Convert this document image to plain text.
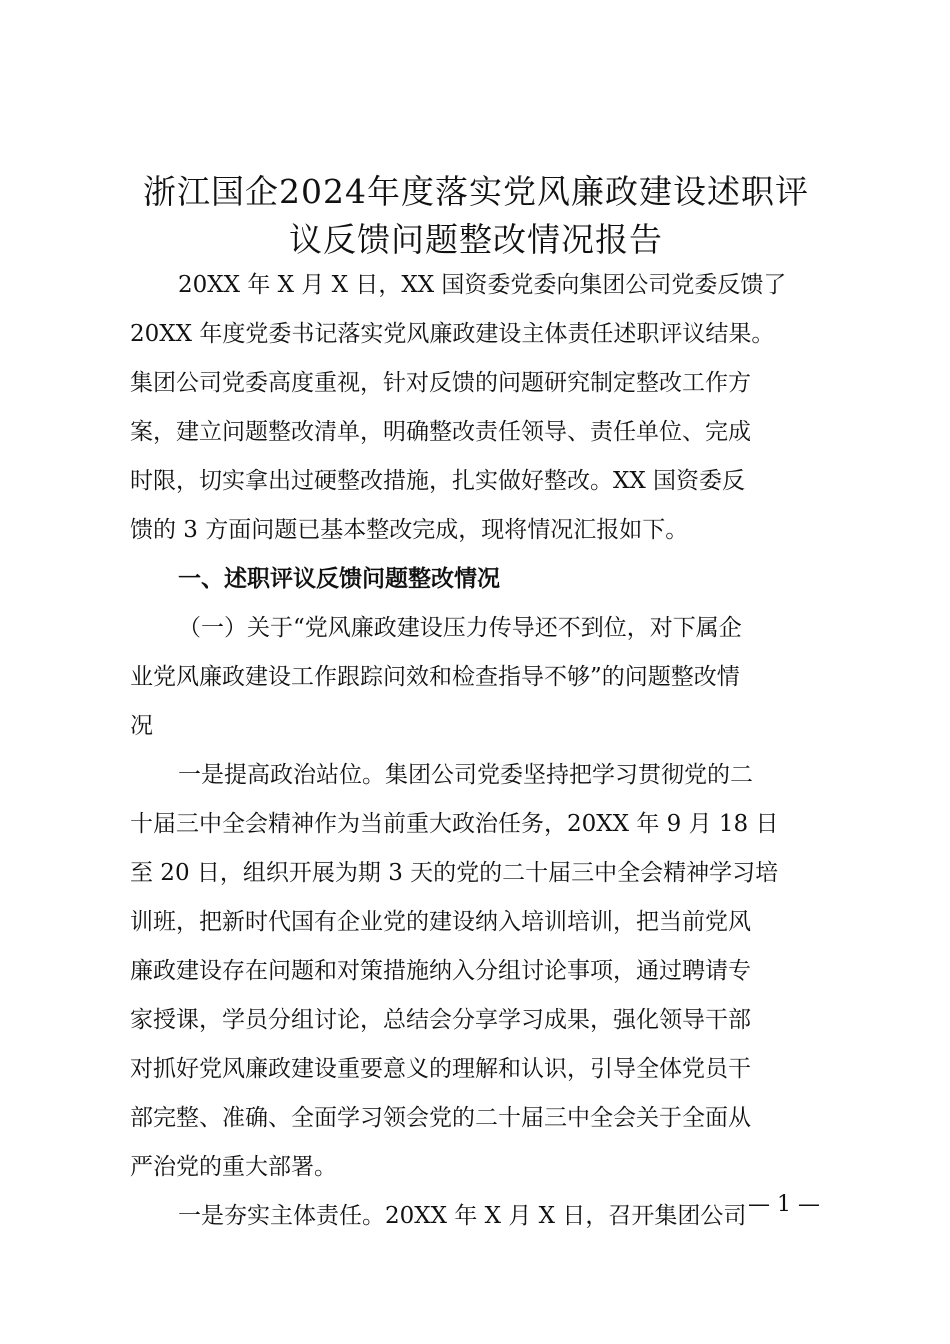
浙江国企2024年度落实党风廉政建设述职评
议反馈问题整改情况报告

20XX 年 X 月 X 日，XX 国资委党委向集团公司党委反馈了

20XX 年度党委书记落实党风廉政建设主体责任述职评议结果。

集团公司党委高度重视，针对反馈的问题研究制定整改工作方

案，建立问题整改清单，明确整改责任领导、责任单位、完成

时限，切实拿出过硬整改措施，扎实做好整改。XX 国资委反

馈的 3 方面问题已基本整改完成，现将情况汇报如下。

一、述职评议反馈问题整改情况

（一）关于“党风廉政建设压力传导还不到位，对下属企

业党风廉政建设工作跟踪问效和检查指导不够”的问题整改情

况

一是提高政治站位。集团公司党委坚持把学习贯彻党的二

十届三中全会精神作为当前重大政治任务，20XX 年 9 月 18 日

至 20 日，组织开展为期 3 天的党的二十届三中全会精神学习培

训班，把新时代国有企业党的建设纳入培训培训，把当前党风

廉政建设存在问题和对策措施纳入分组讨论事项，通过聘请专

家授课，学员分组讨论，总结会分享学习成果，强化领导干部

对抓好党风廉政建设重要意义的理解和认识，引导全体党员干

部完整、准确、全面学习领会党的二十届三中全会关于全面从

严治党的重大部署。

一是夯实主体责任。20XX 年 X 月 X 日，召开集团公司 — 1 —
